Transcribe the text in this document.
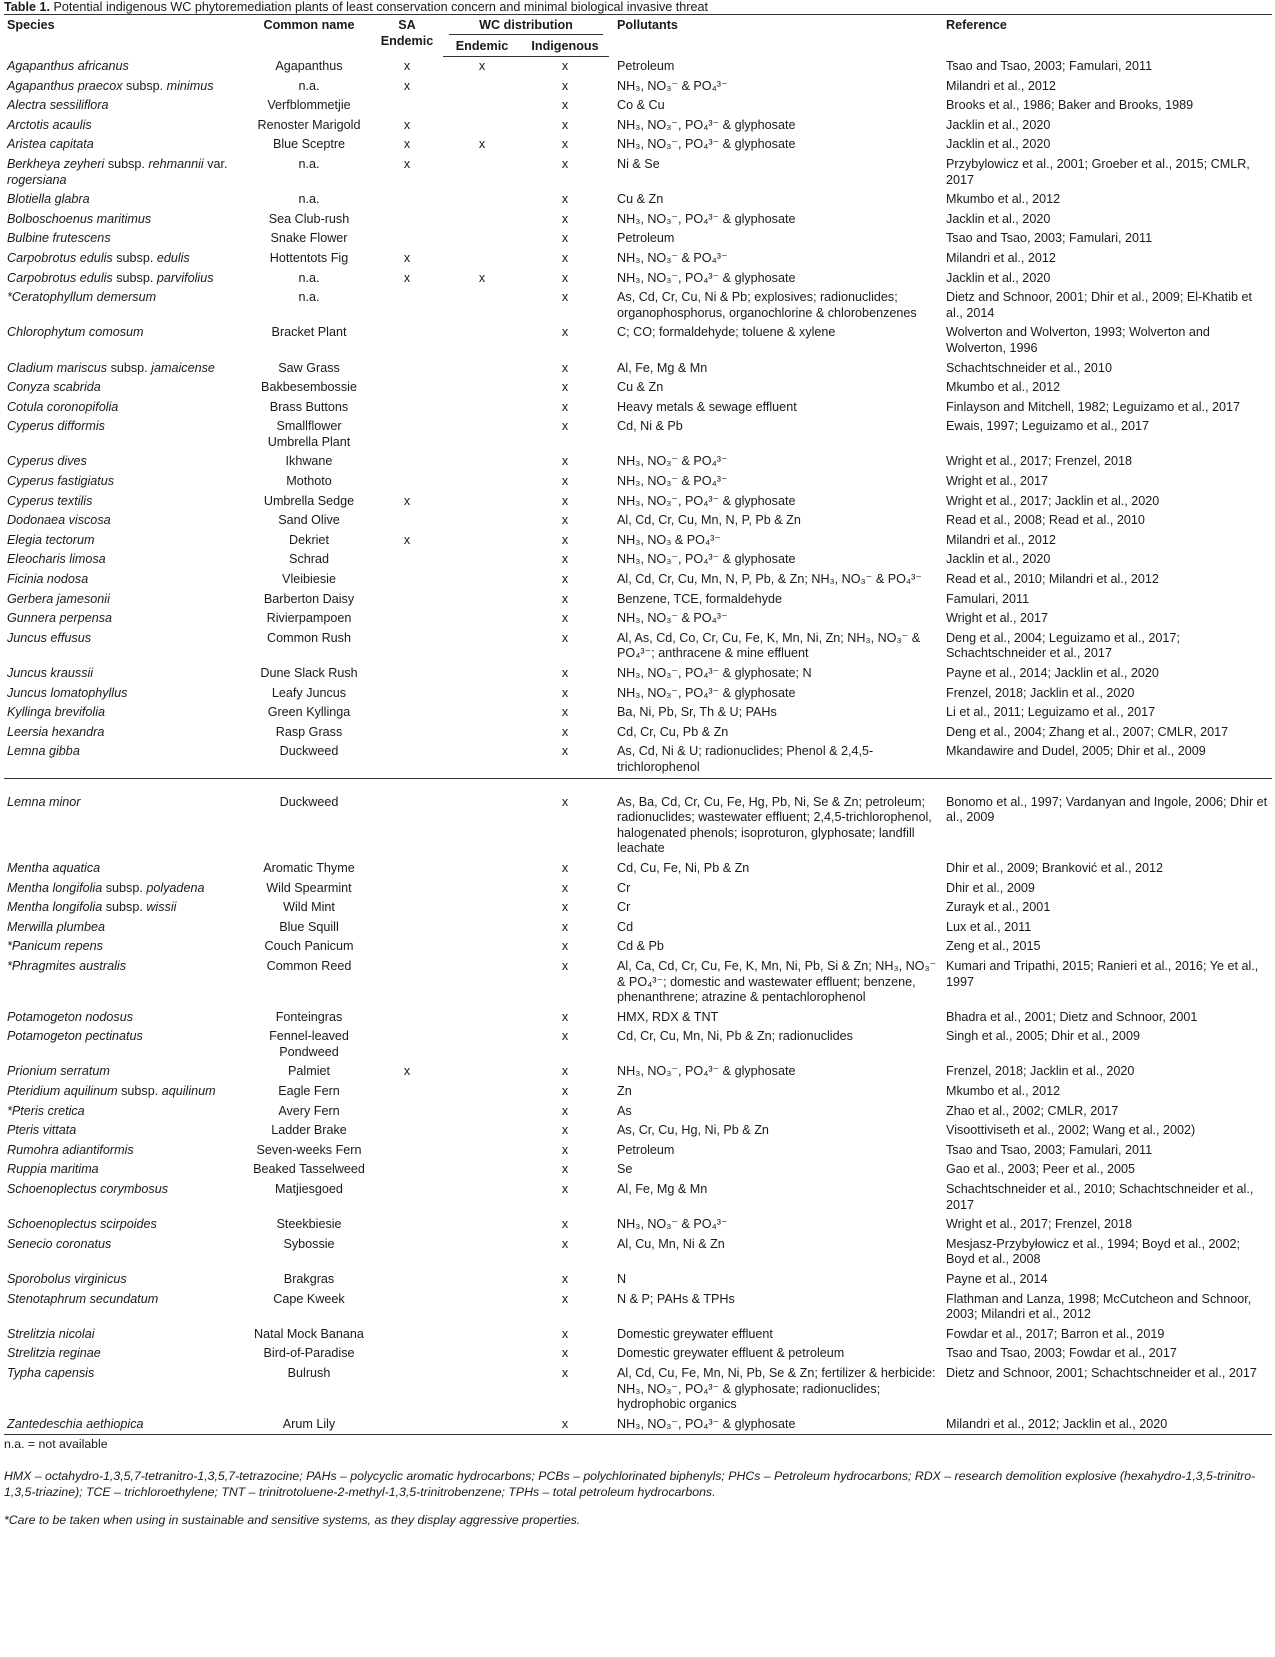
Table 1. Potential indigenous WC phytoremediation plants of least conservation concern and minimal biological invasive threat
Species	Common name	SA Endemic	WC distribution		Pollutants	Reference
			Endemic	Indigenous		
Agapanthus africanus	Agapanthus	x	x	x	Petroleum	Tsao and Tsao, 2003; Famulari, 2011
Agapanthus praecox subsp. minimus	n.a.	x		x	NH₃, NO₃⁻ & PO₄³⁻	Milandri et al., 2012
Alectra sessiliflora	Verfblommetjie			x	Co & Cu	Brooks et al., 1986; Baker and Brooks, 1989
Arctotis acaulis	Renoster Marigold	x		x	NH₃, NO₃⁻, PO₄³⁻ & glyphosate	Jacklin et al., 2020
Aristea capitata	Blue Sceptre	x	x	x	NH₃, NO₃⁻, PO₄³⁻ & glyphosate	Jacklin et al., 2020
Berkheya zeyheri subsp. rehmannii var. rogersiana	n.a.	x		x	Ni & Se	Przybylowicz et al., 2001; Groeber et al., 2015; CMLR, 2017
Blotiella glabra	n.a.			x	Cu & Zn	Mkumbo et al., 2012
Bolboschoenus maritimus	Sea Club-rush			x	NH₃, NO₃⁻, PO₄³⁻ & glyphosate	Jacklin et al., 2020
Bulbine frutescens	Snake Flower			x	Petroleum	Tsao and Tsao, 2003; Famulari, 2011
Carpobrotus edulis subsp. edulis	Hottentots Fig	x		x	NH₃, NO₃⁻ & PO₄³⁻	Milandri et al., 2012
Carpobrotus edulis subsp. parvifolius	n.a.	x	x	x	NH₃, NO₃⁻, PO₄³⁻ & glyphosate	Jacklin et al., 2020
*Ceratophyllum demersum	n.a.			x	As, Cd, Cr, Cu, Ni & Pb; explosives; radionuclides; organophosphorus, organochlorine & chlorobenzenes	Dietz and Schnoor, 2001; Dhir et al., 2009; El-Khatib et al., 2014
Chlorophytum comosum	Bracket Plant			x	C; CO; formaldehyde; toluene & xylene	Wolverton and Wolverton, 1993; Wolverton and Wolverton, 1996
Cladium mariscus subsp. jamaicense	Saw Grass			x	Al, Fe, Mg & Mn	Schachtschneider et al., 2010
Conyza scabrida	Bakbesembossie			x	Cu & Zn	Mkumbo et al., 2012
Cotula coronopifolia	Brass Buttons			x	Heavy metals & sewage effluent	Finlayson and Mitchell, 1982; Leguizamo et al., 2017
Cyperus difformis	Smallflower Umbrella Plant			x	Cd, Ni & Pb	Ewais, 1997; Leguizamo et al., 2017
Cyperus dives	Ikhwane			x	NH₃, NO₃⁻ & PO₄³⁻	Wright et al., 2017; Frenzel, 2018
Cyperus fastigiatus	Mothoto			x	NH₃, NO₃⁻ & PO₄³⁻	Wright et al., 2017
Cyperus textilis	Umbrella Sedge	x		x	NH₃, NO₃⁻, PO₄³⁻ & glyphosate	Wright et al., 2017; Jacklin et al., 2020
Dodonaea viscosa	Sand Olive			x	Al, Cd, Cr, Cu, Mn, N, P, Pb & Zn	Read et al., 2008; Read et al., 2010
Elegia tectorum	Dekriet	x		x	NH₃, NO₃ & PO₄³⁻	Milandri et al., 2012
Eleocharis limosa	Schrad			x	NH₃, NO₃⁻, PO₄³⁻ & glyphosate	Jacklin et al., 2020
Ficinia nodosa	Vleibiesie			x	Al, Cd, Cr, Cu, Mn, N, P, Pb, & Zn; NH₃, NO₃⁻ & PO₄³⁻	Read et al., 2010; Milandri et al., 2012
Gerbera jamesonii	Barberton Daisy			x	Benzene, TCE, formaldehyde	Famulari, 2011
Gunnera perpensa	Rivierpampoen			x	NH₃, NO₃⁻ & PO₄³⁻	Wright et al., 2017
Juncus effusus	Common Rush			x	Al, As, Cd, Co, Cr, Cu, Fe, K, Mn, Ni, Zn; NH₃, NO₃⁻ & PO₄³⁻; anthracene & mine effluent	Deng et al., 2004; Leguizamo et al., 2017; Schachtschneider et al., 2017
Juncus kraussii	Dune Slack Rush			x	NH₃, NO₃⁻, PO₄³⁻ & glyphosate; N	Payne et al., 2014; Jacklin et al., 2020
Juncus lomatophyllus	Leafy Juncus			x	NH₃, NO₃⁻, PO₄³⁻ & glyphosate	Frenzel, 2018; Jacklin et al., 2020
Kyllinga brevifolia	Green Kyllinga			x	Ba, Ni, Pb, Sr, Th & U; PAHs	Li et al., 2011; Leguizamo et al., 2017
Leersia hexandra	Rasp Grass			x	Cd, Cr, Cu, Pb & Zn	Deng et al., 2004; Zhang et al., 2007; CMLR, 2017
Lemna gibba	Duckweed			x	As, Cd, Ni & U; radionuclides; Phenol & 2,4,5-trichlorophenol	Mkandawire and Dudel, 2005; Dhir et al., 2009

Lemna minor	Duckweed			x	As, Ba, Cd, Cr, Cu, Fe, Hg, Pb, Ni, Se & Zn; petroleum; radionuclides; wastewater effluent; 2,4,5-trichlorophenol, halogenated phenols; isoproturon, glyphosate; landfill leachate	Bonomo et al., 1997; Vardanyan and Ingole, 2006; Dhir et al., 2009
Mentha aquatica	Aromatic Thyme			x	Cd, Cu, Fe, Ni, Pb & Zn	Dhir et al., 2009; Branković et al., 2012
Mentha longifolia subsp. polyadena	Wild Spearmint			x	Cr	Dhir et al., 2009
Mentha longifolia subsp. wissii	Wild Mint			x	Cr	Zurayk et al., 2001
Merwilla plumbea	Blue Squill			x	Cd	Lux et al., 2011
*Panicum repens	Couch Panicum			x	Cd & Pb	Zeng et al., 2015
*Phragmites australis	Common Reed			x	Al, Ca, Cd, Cr, Cu, Fe, K, Mn, Ni, Pb, Si & Zn; NH₃, NO₃⁻ & PO₄³⁻; domestic and wastewater effluent; benzene, phenanthrene; atrazine & pentachlorophenol	Kumari and Tripathi, 2015; Ranieri et al., 2016; Ye et al., 1997
Potamogeton nodosus	Fonteingras			x	HMX, RDX & TNT	Bhadra et al., 2001; Dietz and Schnoor, 2001
Potamogeton pectinatus	Fennel-leaved Pondweed			x	Cd, Cr, Cu, Mn, Ni, Pb & Zn; radionuclides	Singh et al., 2005; Dhir et al., 2009
Prionium serratum	Palmiet	x		x	NH₃, NO₃⁻, PO₄³⁻ & glyphosate	Frenzel, 2018; Jacklin et al., 2020
Pteridium aquilinum subsp. aquilinum	Eagle Fern			x	Zn	Mkumbo et al., 2012
*Pteris cretica	Avery Fern			x	As	Zhao et al., 2002; CMLR, 2017
Pteris vittata	Ladder Brake			x	As, Cr, Cu, Hg, Ni, Pb & Zn	Visoottiviseth et al., 2002; Wang et al., 2002)
Rumohra adiantiformis	Seven-weeks Fern			x	Petroleum	Tsao and Tsao, 2003; Famulari, 2011
Ruppia maritima	Beaked Tasselweed			x	Se	Gao et al., 2003; Peer et al., 2005
Schoenoplectus corymbosus	Matjiesgoed			x	Al, Fe, Mg & Mn	Schachtschneider et al., 2010; Schachtschneider et al., 2017
Schoenoplectus scirpoides	Steekbiesie			x	NH₃, NO₃⁻ & PO₄³⁻	Wright et al., 2017; Frenzel, 2018
Senecio coronatus	Sybossie			x	Al, Cu, Mn, Ni & Zn	Mesjasz-Przybyłowicz et al., 1994; Boyd et al., 2002; Boyd et al., 2008
Sporobolus virginicus	Brakgras			x	N	Payne et al., 2014
Stenotaphrum secundatum	Cape Kweek			x	N & P; PAHs & TPHs	Flathman and Lanza, 1998; McCutcheon and Schnoor, 2003; Milandri et al., 2012
Strelitzia nicolai	Natal Mock Banana			x	Domestic greywater effluent	Fowdar et al., 2017; Barron et al., 2019
Strelitzia reginae	Bird-of-Paradise			x	Domestic greywater effluent & petroleum	Tsao and Tsao, 2003; Fowdar et al., 2017
Typha capensis	Bulrush			x	Al, Cd, Cu, Fe, Mn, Ni, Pb, Se & Zn; fertilizer & herbicide: NH₃, NO₃⁻, PO₄³⁻ & glyphosate; radionuclides; hydrophobic organics	Dietz and Schnoor, 2001; Schachtschneider et al., 2017
Zantedeschia aethiopica	Arum Lily			x	NH₃, NO₃⁻, PO₄³⁻ & glyphosate	Milandri et al., 2012; Jacklin et al., 2020
n.a. = not available
HMX – octahydro-1,3,5,7-tetranitro-1,3,5,7-tetrazocine; PAHs – polycyclic aromatic hydrocarbons; PCBs – polychlorinated biphenyls; PHCs – Petroleum hydrocarbons; RDX – research demolition explosive (hexahydro-1,3,5-trinitro-1,3,5-triazine); TCE – trichloroethylene; TNT – trinitrotoluene-2-methyl-1,3,5-trinitrobenzene; TPHs – total petroleum hydrocarbons.
*Care to be taken when using in sustainable and sensitive systems, as they display aggressive properties.
